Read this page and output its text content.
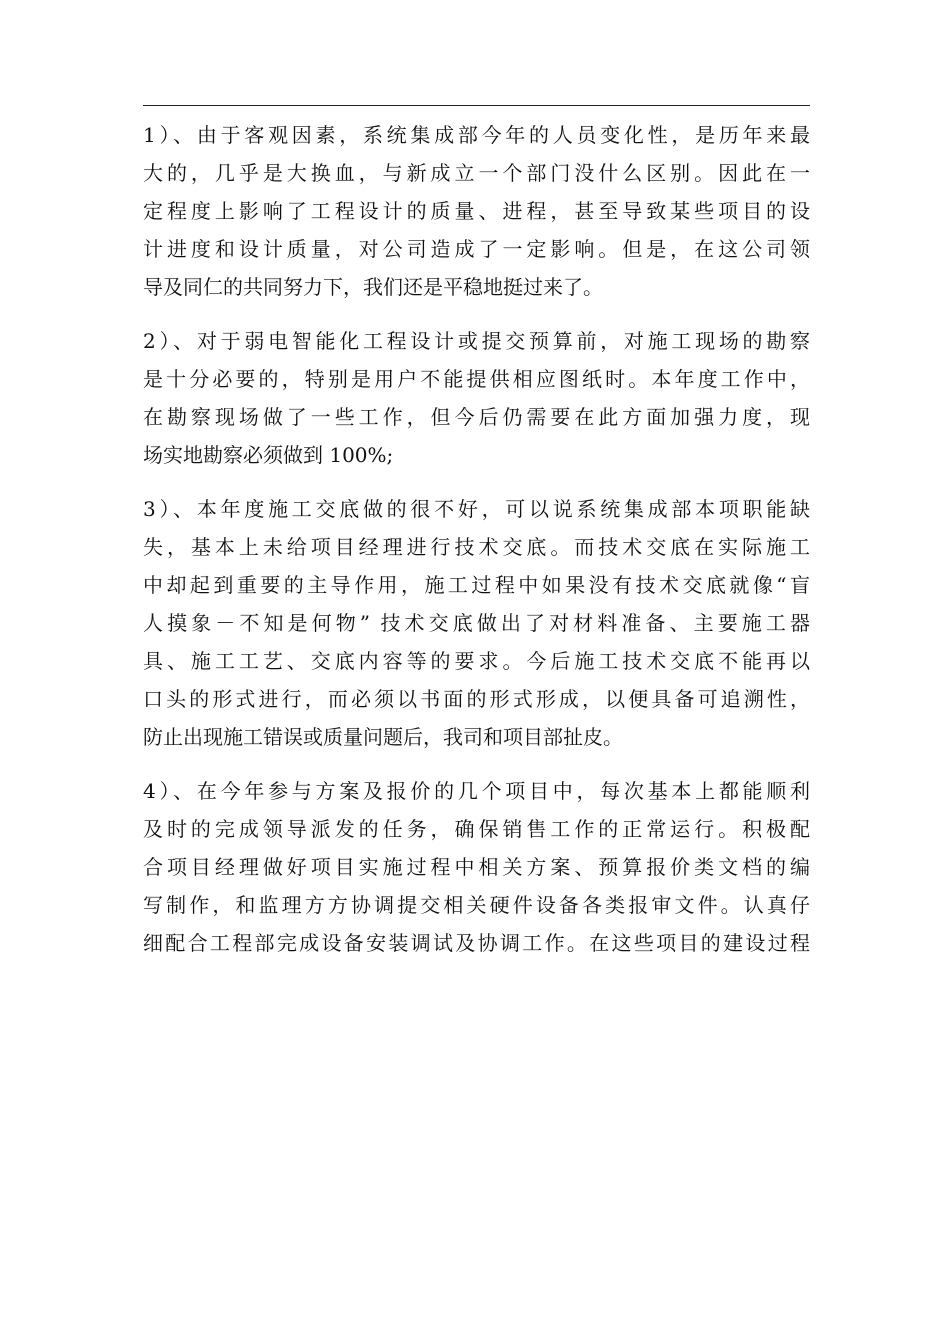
1）、由于客观因素，系统集成部今年的人员变化性，是历年来最
大的，几乎是大换血，与新成立一个部门没什么区别。因此在一
定程度上影响了工程设计的质量、进程，甚至导致某些项目的设
计进度和设计质量，对公司造成了一定影响。但是，在这公司领
导及同仁的共同努力下，我们还是平稳地挺过来了。
2）、对于弱电智能化工程设计或提交预算前，对施工现场的勘察
是十分必要的，特别是用户不能提供相应图纸时。本年度工作中，
在勘察现场做了一些工作，但今后仍需要在此方面加强力度，现
场实地勘察必须做到 100%;
3）、本年度施工交底做的很不好，可以说系统集成部本项职能缺
失，基本上未给项目经理进行技术交底。而技术交底在实际施工
中却起到重要的主导作用，施工过程中如果没有技术交底就像“盲
人摸象－不知是何物” 技术交底做出了对材料准备、主要施工器
具、施工工艺、交底内容等的要求。今后施工技术交底不能再以
口头的形式进行，而必须以书面的形式形成，以便具备可追溯性，
防止出现施工错误或质量问题后，我司和项目部扯皮。
4）、在今年参与方案及报价的几个项目中，每次基本上都能顺利
及时的完成领导派发的任务，确保销售工作的正常运行。积极配
合项目经理做好项目实施过程中相关方案、预算报价类文档的编
写制作，和监理方方协调提交相关硬件设备各类报审文件。认真仔
细配合工程部完成设备安装调试及协调工作。在这些项目的建设过程
